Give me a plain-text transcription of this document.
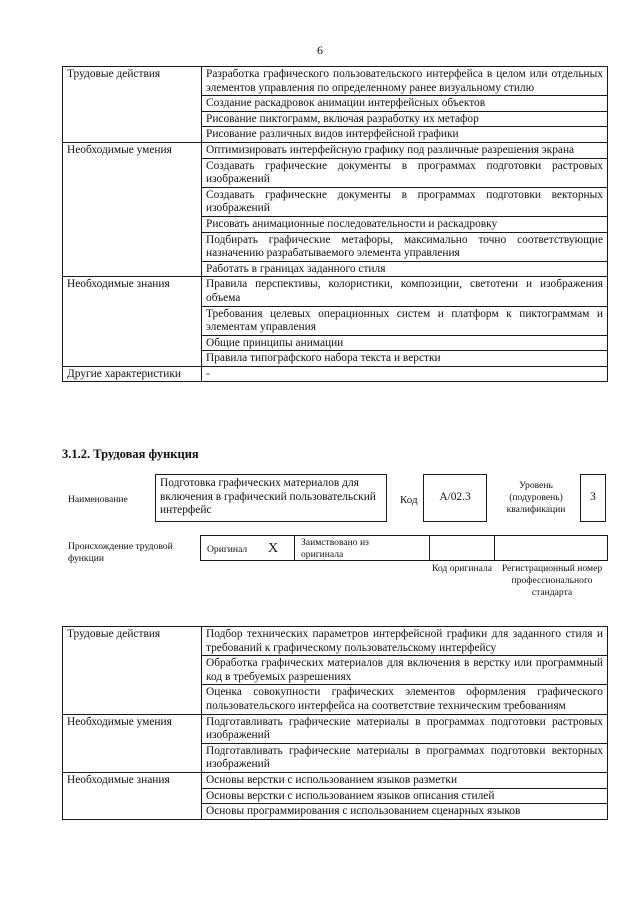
6
Трудовые действия	Разработка графического пользовательского интерфейса в целом или отдельных элементов управления по определенному ранее визуальному стилю
	Создание раскадровок анимации интерфейсных объектов
	Рисование пиктограмм, включая разработку их метафор
	Рисование различных видов интерфейсной графики
Необходимые умения	Оптимизировать интерфейсную графику под различные разрешения экрана
	Создавать графические документы в программах подготовки растровых изображений
	Создавать графические документы в программах подготовки векторных изображений
	Рисовать анимационные последовательности и раскадровку
	Подбирать графические метафоры, максимально точно соответствующие назначению разрабатываемого элемента управления
	Работать в границах заданного стиля
Необходимые знания	Правила перспективы, колористики, композиции, светотени и изображения объема
	Требования целевых операционных систем и платформ к пиктограммам и элементам управления
	Общие принципы анимации
	Правила типографского набора текста и верстки
Другие характеристики	-
3.1.2. Трудовая функция
Наименование
Подготовка графических материалов для включения в графический пользовательский интерфейс
Код	A/02.3
Уровень (подуровень) квалификации
3
Происхождение трудовой функции
Оригинал X Заимствовано из оригинала
Код оригинала Регистрационный номер профессионального стандарта
Трудовые действия	Подбор технических параметров интерфейсной графики для заданного стиля и требований к графическому пользовательскому интерфейсу
	Обработка графических материалов для включения в верстку или программный код в требуемых разрешениях
	Оценка совокупности графических элементов оформления графического пользовательского интерфейса на соответствие техническим требованиям
Необходимые умения	Подготавливать графические материалы в программах подготовки растровых изображений
	Подготавливать графические материалы в программах подготовки векторных изображений
Необходимые знания	Основы верстки с использованием языков разметки
	Основы верстки с использованием языков описания стилей
	Основы программирования с использованием сценарных языков
